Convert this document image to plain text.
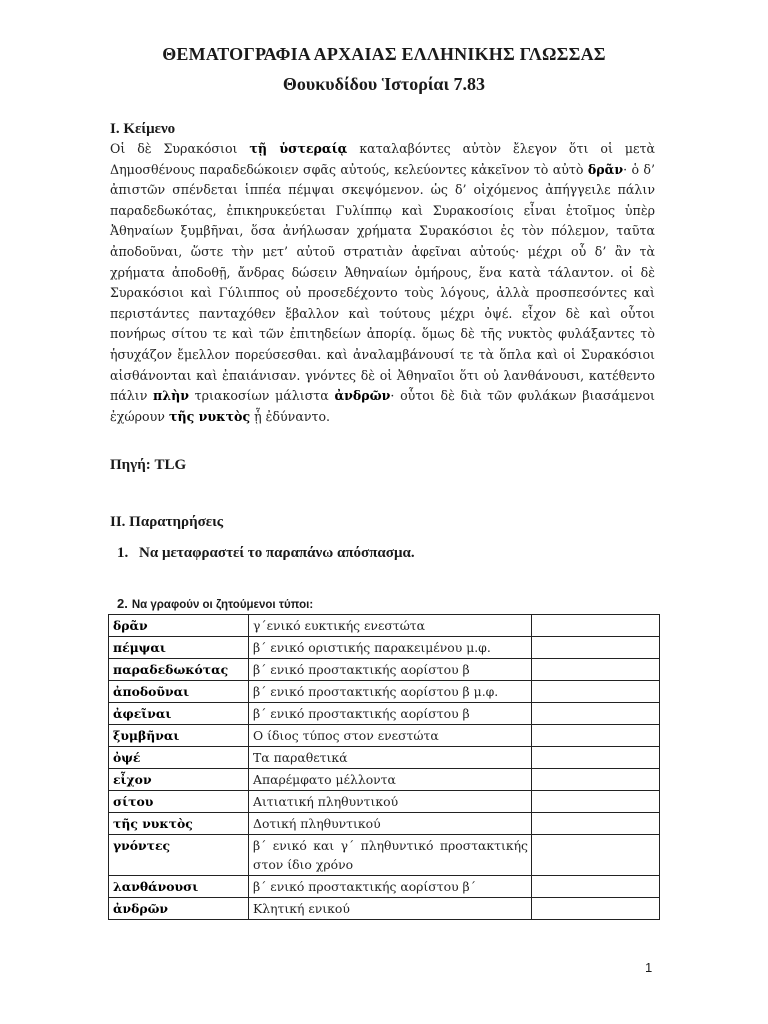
ΘΕΜΑΤΟΓΡΑΦΙΑ ΑΡΧΑΙΑΣ ΕΛΛΗΝΙΚΗΣ ΓΛΩΣΣΑΣ
Θουκυδίδου Ἱστορίαι 7.83
Ι. Κείμενο
Οἱ δὲ Συρακόσιοι τῇ ὑστεραίᾳ καταλαβόντες αὐτὸν ἔλεγον ὅτι οἱ μετὰ Δημοσθένους παραδεδώκοιεν σφᾶς αὐτούς, κελεύοντες κἀκεῖνον τὸ αὐτὸ δρᾶν· ὁ δ’ ἀπιστῶν σπένδεται ἱππέα πέμψαι σκεψόμενον. ὡς δ’ οἰχόμενος ἀπήγγειλε πάλιν παραδεδωκότας, ἐπικηρυκεύεται Γυλίππῳ καὶ Συρακοσίοις εἶναι ἑτοῖμος ὑπὲρ Ἀθηναίων ξυμβῆναι, ὅσα ἀνήλωσαν χρήματα Συρακόσιοι ἐς τὸν πόλεμον, ταῦτα ἀποδοῦναι, ὥστε τὴν μετ’ αὐτοῦ στρατιὰν ἀφεῖναι αὐτούς· μέχρι οὗ δ’ ἂν τὰ χρήματα ἀποδοθῇ, ἄνδρας δώσειν Ἀθηναίων ὁμήρους, ἕνα κατὰ τάλαντον. οἱ δὲ Συρακόσιοι καὶ Γύλιππος οὐ προσεδέχοντο τοὺς λόγους, ἀλλὰ προσπεσόντες καὶ περιστάντες πανταχόθεν ἔβαλλον καὶ τούτους μέχρι ὀψέ. εἶχον δὲ καὶ οὗτοι πονήρως σίτου τε καὶ τῶν ἐπιτηδείων ἀπορίᾳ. ὅμως δὲ τῆς νυκτὸς φυλάξαντες τὸ ἡσυχάζον ἔμελλον πορεύσεσθαι. καὶ ἀναλαμβάνουσί τε τὰ ὅπλα καὶ οἱ Συρακόσιοι αἰσθάνονται καὶ ἐπαιάνισαν. γνόντες δὲ οἱ Ἀθηναῖοι ὅτι οὐ λανθάνουσι, κατέθεντο πάλιν πλὴν τριακοσίων μάλιστα ἀνδρῶν· οὗτοι δὲ διὰ τῶν φυλάκων βιασάμενοι ἐχώρουν τῆς νυκτὸς ᾗ ἐδύναντο.
Πηγή: TLG
ΙΙ. Παρατηρήσεις
1. Να μεταφραστεί το παραπάνω απόσπασμα.
2. Να γραφούν οι ζητούμενοι τύποι:
δρᾶν	γ΄ενικό ευκτικής ενεστώτα	
πέμψαι	β΄ ενικό οριστικής παρακειμένου μ.φ.	
παραδεδωκότας	β΄ ενικό προστακτικής αορίστου β	
ἀποδοῦναι	β΄ ενικό προστακτικής αορίστου β μ.φ.	
ἀφεῖναι	β΄ ενικό προστακτικής αορίστου β	
ξυμβῆναι	Ο ίδιος τύπος στον ενεστώτα	
ὀψέ	Τα παραθετικά	
εἶχον	Απαρέμφατο μέλλοντα	
σίτου	Αιτιατική πληθυντικού	
τῆς νυκτὸς	Δοτική πληθυντικού	
γνόντες	β΄ ενικό και γ΄ πληθυντικό προστακτικής στον ίδιο χρόνο	
λανθάνουσι	β΄ ενικό προστακτικής αορίστου β΄	
ἀνδρῶν	Κλητική ενικού	
1
